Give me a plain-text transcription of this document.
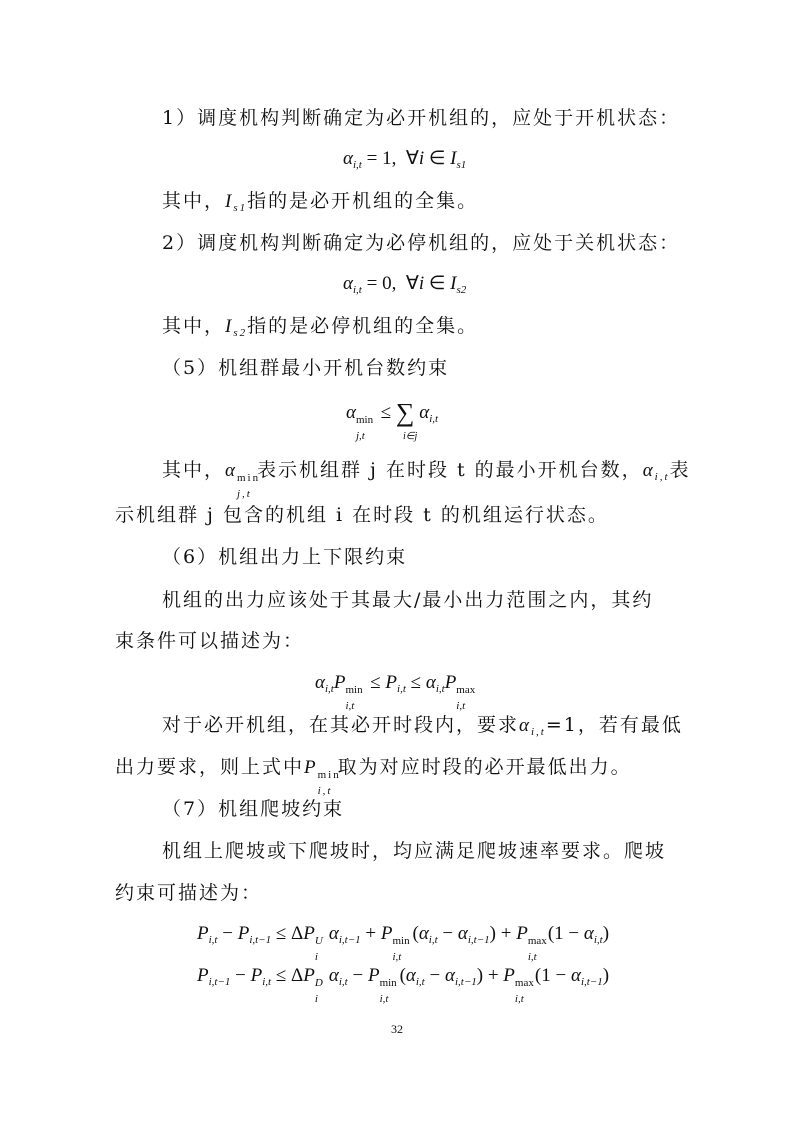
1）调度机构判断确定为必开机组的，应处于开机状态：
$\alpha_{i,t} = 1$,  ∀i ∈ $I_{s1}$
其中，$I_{s1}$指的是必开机组的全集。
2）调度机构判断确定为必停机组的，应处于关机状态：
$\alpha_{i,t} = 0$,  ∀i ∈ $I_{s2}$
其中，$I_{s2}$指的是必停机组的全集。
（5）机组群最小开机台数约束
α min
j,t
≤ ∑
i∈j
$\alpha_{i,t}$
其中，α min
j,t
表示机组群 j 在时段 t 的最小开机台数，$\alpha_{i,t}$表
示机组群 j 包含的机组 i 在时段 t 的机组运行状态。
（6）机组出力上下限约束
机组的出力应该处于其最大/最小出力范围之内，其约
束条件可以描述为：
$\alpha_{i,t}P$ min
i,t
≤ $P_{i,t} \le \alpha_{i,t}P$ max
i,t
对于必开机组，在其必开时段内，要求$\alpha_{i,t}=1$，若有最低
出力要求，则上式中P min
i,t
取为对应时段的必开最低出力。
（7）机组爬坡约束
机组上爬坡或下爬坡时，均应满足爬坡速率要求。爬坡
约束可描述为：
$P_{i,t} - P_{i,t-1} \le \Delta P$ U
i
$\alpha_{i,t-1} + P$ min
i,t
$(\alpha_{i,t} - \alpha_{i,t-1}) + P$ max
i,t
$(1 - \alpha_{i,t})$
$P_{i,t-1} - P_{i,t} \le \Delta P$ D
i
$\alpha_{i,t} - P$ min
i,t
$(\alpha_{i,t} - \alpha_{i,t-1}) + P$ max
i,t
$(1 - \alpha_{i,t-1})$
32
